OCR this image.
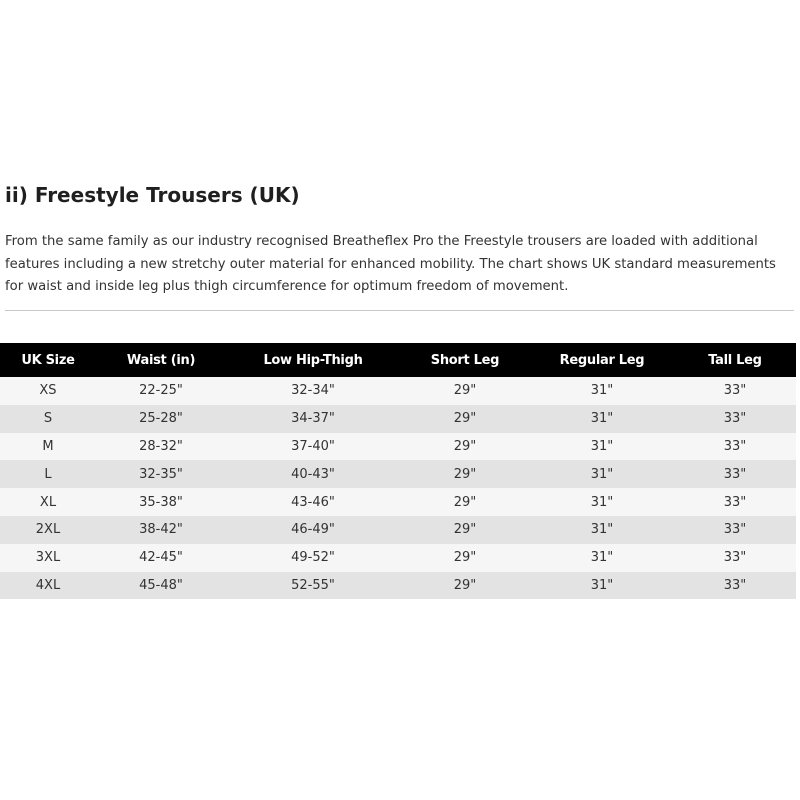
ii) Freestyle Trousers (UK)

From the same family as our industry recognised Breatheflex Pro the Freestyle trousers are loaded with additional features including a new stretchy outer material for enhanced mobility. The chart shows UK standard measurements for waist and inside leg plus thigh circumference for optimum freedom of movement.

UK Size	Waist (in)	Low Hip-Thigh	Short Leg	Regular Leg	Tall Leg
XS	22-25"	32-34"	29"	31"	33"
S	25-28"	34-37"	29"	31"	33"
M	28-32"	37-40"	29"	31"	33"
L	32-35"	40-43"	29"	31"	33"
XL	35-38"	43-46"	29"	31"	33"
2XL	38-42"	46-49"	29"	31"	33"
3XL	42-45"	49-52"	29"	31"	33"
4XL	45-48"	52-55"	29"	31"	33"
